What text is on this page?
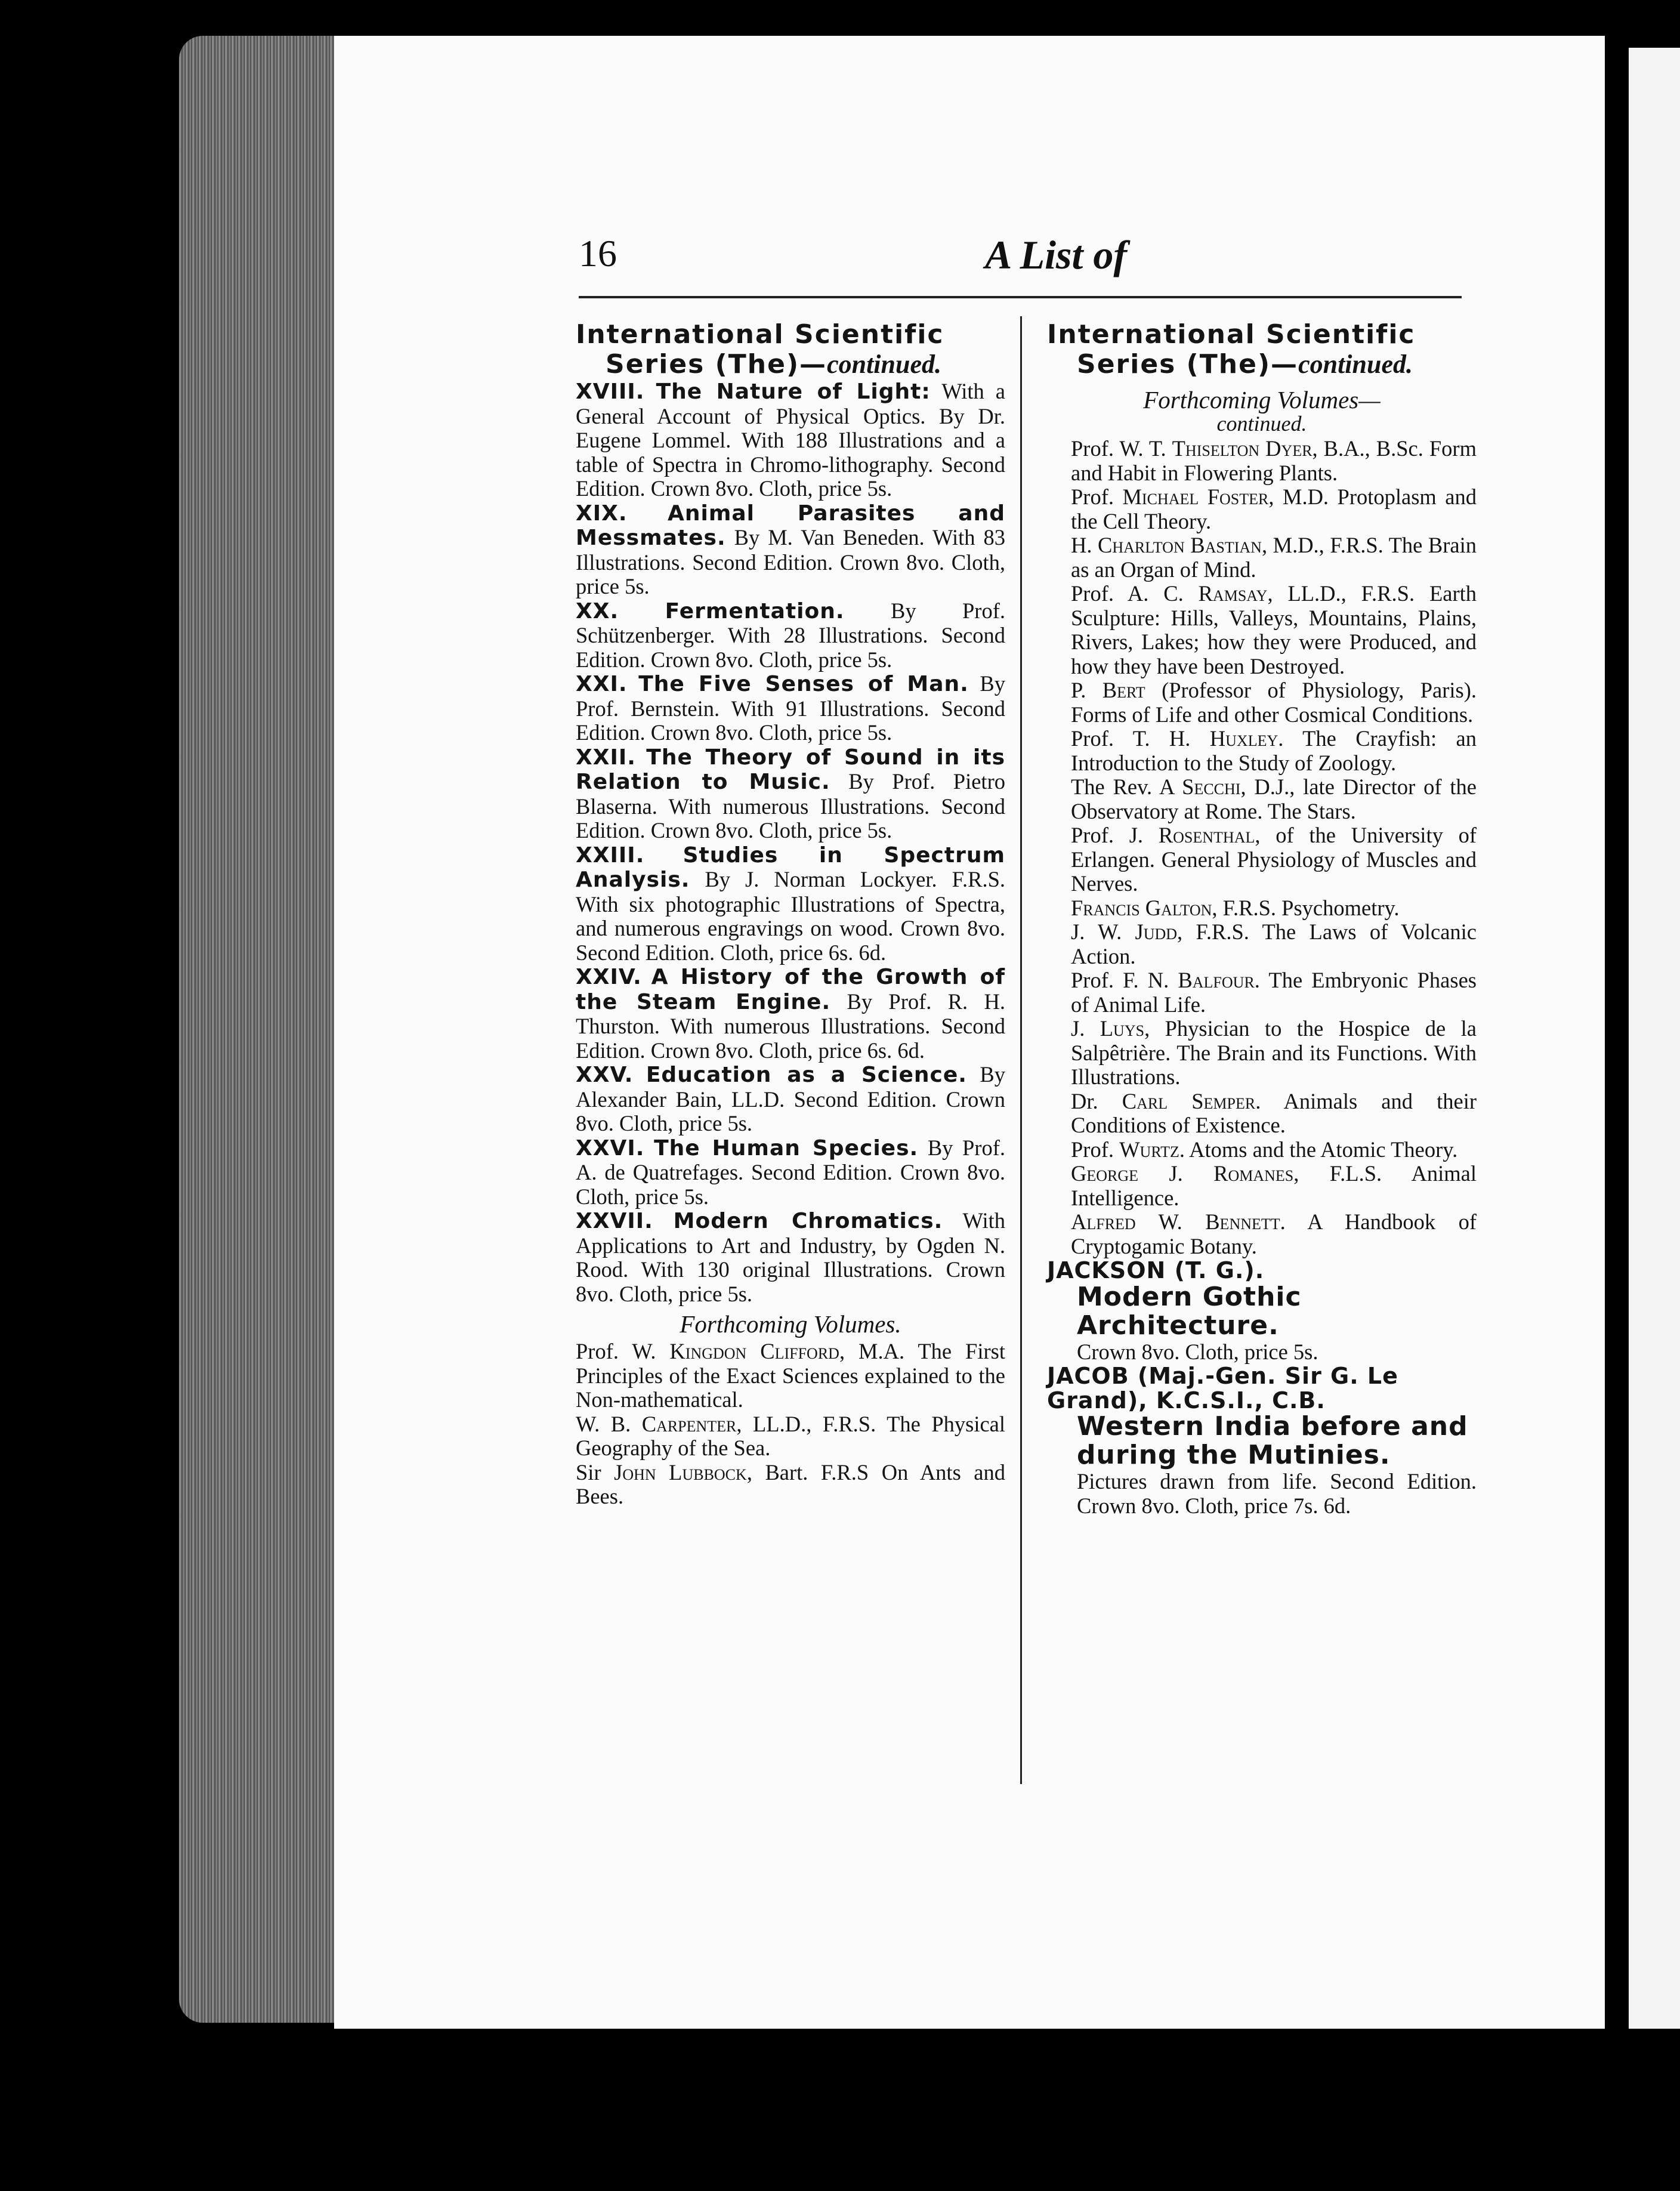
16	A List of
International Scientific
Series (The)—continued.
XVIII. The Nature of Light: With a General Account of Physical Optics. By Dr. Eugene Lommel. With 188 Illustrations and a table of Spectra in Chromo-lithography. Second Edition. Crown 8vo. Cloth, price 5s.
XIX. Animal Parasites and Messmates. By M. Van Beneden. With 83 Illustrations. Second Edition. Crown 8vo. Cloth, price 5s.
XX. Fermentation. By Prof. Schützenberger. With 28 Illustrations. Second Edition. Crown 8vo. Cloth, price 5s.
XXI. The Five Senses of Man. By Prof. Bernstein. With 91 Illustrations. Second Edition. Crown 8vo. Cloth, price 5s.
XXII. The Theory of Sound in its Relation to Music. By Prof. Pietro Blaserna. With numerous Illustrations. Second Edition. Crown 8vo. Cloth, price 5s.
XXIII. Studies in Spectrum Analysis. By J. Norman Lockyer. F.R.S. With six photographic Illustrations of Spectra, and numerous engravings on wood. Crown 8vo. Second Edition. Cloth, price 6s. 6d.
XXIV. A History of the Growth of the Steam Engine. By Prof. R. H. Thurston. With numerous Illustrations. Second Edition. Crown 8vo. Cloth, price 6s. 6d.
XXV. Education as a Science. By Alexander Bain, LL.D. Second Edition. Crown 8vo. Cloth, price 5s.
XXVI. The Human Species. By Prof. A. de Quatrefages. Second Edition. Crown 8vo. Cloth, price 5s.
XXVII. Modern Chromatics. With Applications to Art and Industry, by Ogden N. Rood. With 130 original Illustrations. Crown 8vo. Cloth, price 5s.
Forthcoming Volumes.
Prof. W. Kingdon Clifford, M.A. The First Principles of the Exact Sciences explained to the Non-mathematical.
W. B. Carpenter, LL.D., F.R.S. The Physical Geography of the Sea.
Sir John Lubbock, Bart. F.R.S On Ants and Bees.
International Scientific
Series (The)—continued.
Forthcoming Volumes—
continued.
Prof. W. T. Thiselton Dyer, B.A., B.Sc. Form and Habit in Flowering Plants.
Prof. Michael Foster, M.D. Protoplasm and the Cell Theory.
H. Charlton Bastian, M.D., F.R.S. The Brain as an Organ of Mind.
Prof. A. C. Ramsay, LL.D., F.R.S. Earth Sculpture: Hills, Valleys, Mountains, Plains, Rivers, Lakes; how they were Produced, and how they have been Destroyed.
P. Bert (Professor of Physiology, Paris). Forms of Life and other Cosmical Conditions.
Prof. T. H. Huxley. The Crayfish: an Introduction to the Study of Zoology.
The Rev. A Secchi, D.J., late Director of the Observatory at Rome. The Stars.
Prof. J. Rosenthal, of the University of Erlangen. General Physiology of Muscles and Nerves.
Francis Galton, F.R.S. Psychometry.
J. W. Judd, F.R.S. The Laws of Volcanic Action.
Prof. F. N. Balfour. The Embryonic Phases of Animal Life.
J. Luys, Physician to the Hospice de la Salpêtrière. The Brain and its Functions. With Illustrations.
Dr. Carl Semper. Animals and their Conditions of Existence.
Prof. Wurtz. Atoms and the Atomic Theory.
George J. Romanes, F.L.S. Animal Intelligence.
Alfred W. Bennett. A Handbook of Cryptogamic Botany.
JACKSON (T. G.).
Modern Gothic Architecture.
Crown 8vo. Cloth, price 5s.
JACOB (Maj.-Gen. Sir G. Le Grand), K.C.S.I., C.B.
Western India before and during the Mutinies.
Pictures drawn from life. Second Edition. Crown 8vo. Cloth, price 7s. 6d.
